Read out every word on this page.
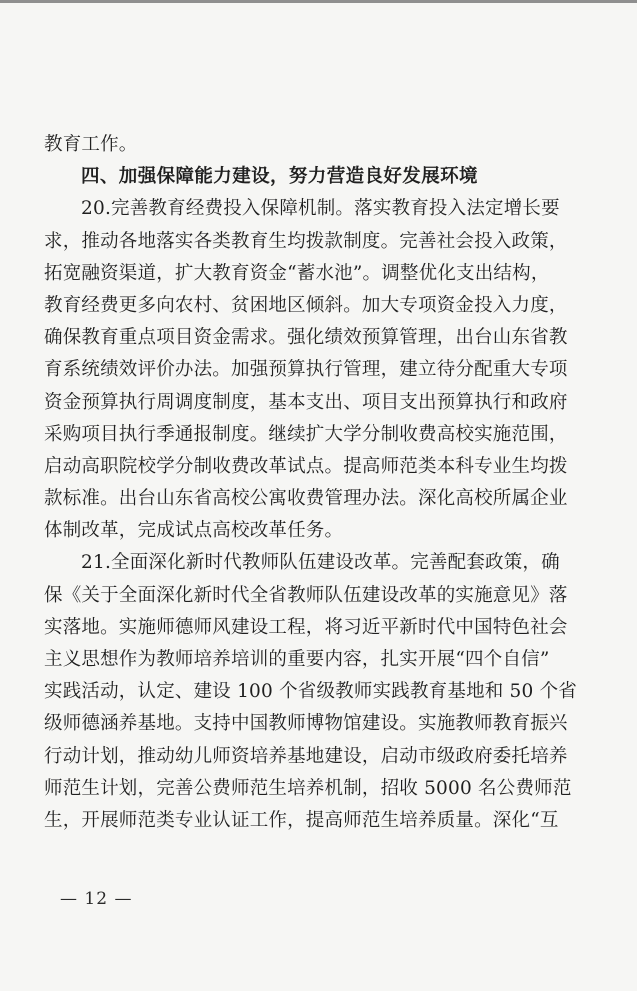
教育工作。
四、加强保障能力建设，努力营造良好发展环境
20.完善教育经费投入保障机制。落实教育投入法定增长要
求，推动各地落实各类教育生均拨款制度。完善社会投入政策，
拓宽融资渠道，扩大教育资金“蓄水池”。调整优化支出结构，
教育经费更多向农村、贫困地区倾斜。加大专项资金投入力度，
确保教育重点项目资金需求。强化绩效预算管理，出台山东省教
育系统绩效评价办法。加强预算执行管理，建立待分配重大专项
资金预算执行周调度制度，基本支出、项目支出预算执行和政府
采购项目执行季通报制度。继续扩大学分制收费高校实施范围，
启动高职院校学分制收费改革试点。提高师范类本科专业生均拨
款标准。出台山东省高校公寓收费管理办法。深化高校所属企业
体制改革，完成试点高校改革任务。
21.全面深化新时代教师队伍建设改革。完善配套政策，确
保《关于全面深化新时代全省教师队伍建设改革的实施意见》落
实落地。实施师德师风建设工程，将习近平新时代中国特色社会
主义思想作为教师培养培训的重要内容，扎实开展“四个自信”
实践活动，认定、建设 100 个省级教师实践教育基地和 50 个省
级师德涵养基地。支持中国教师博物馆建设。实施教师教育振兴
行动计划，推动幼儿师资培养基地建设，启动市级政府委托培养
师范生计划，完善公费师范生培养机制，招收 5000 名公费师范
生，开展师范类专业认证工作，提高师范生培养质量。深化“互
— 12 —
